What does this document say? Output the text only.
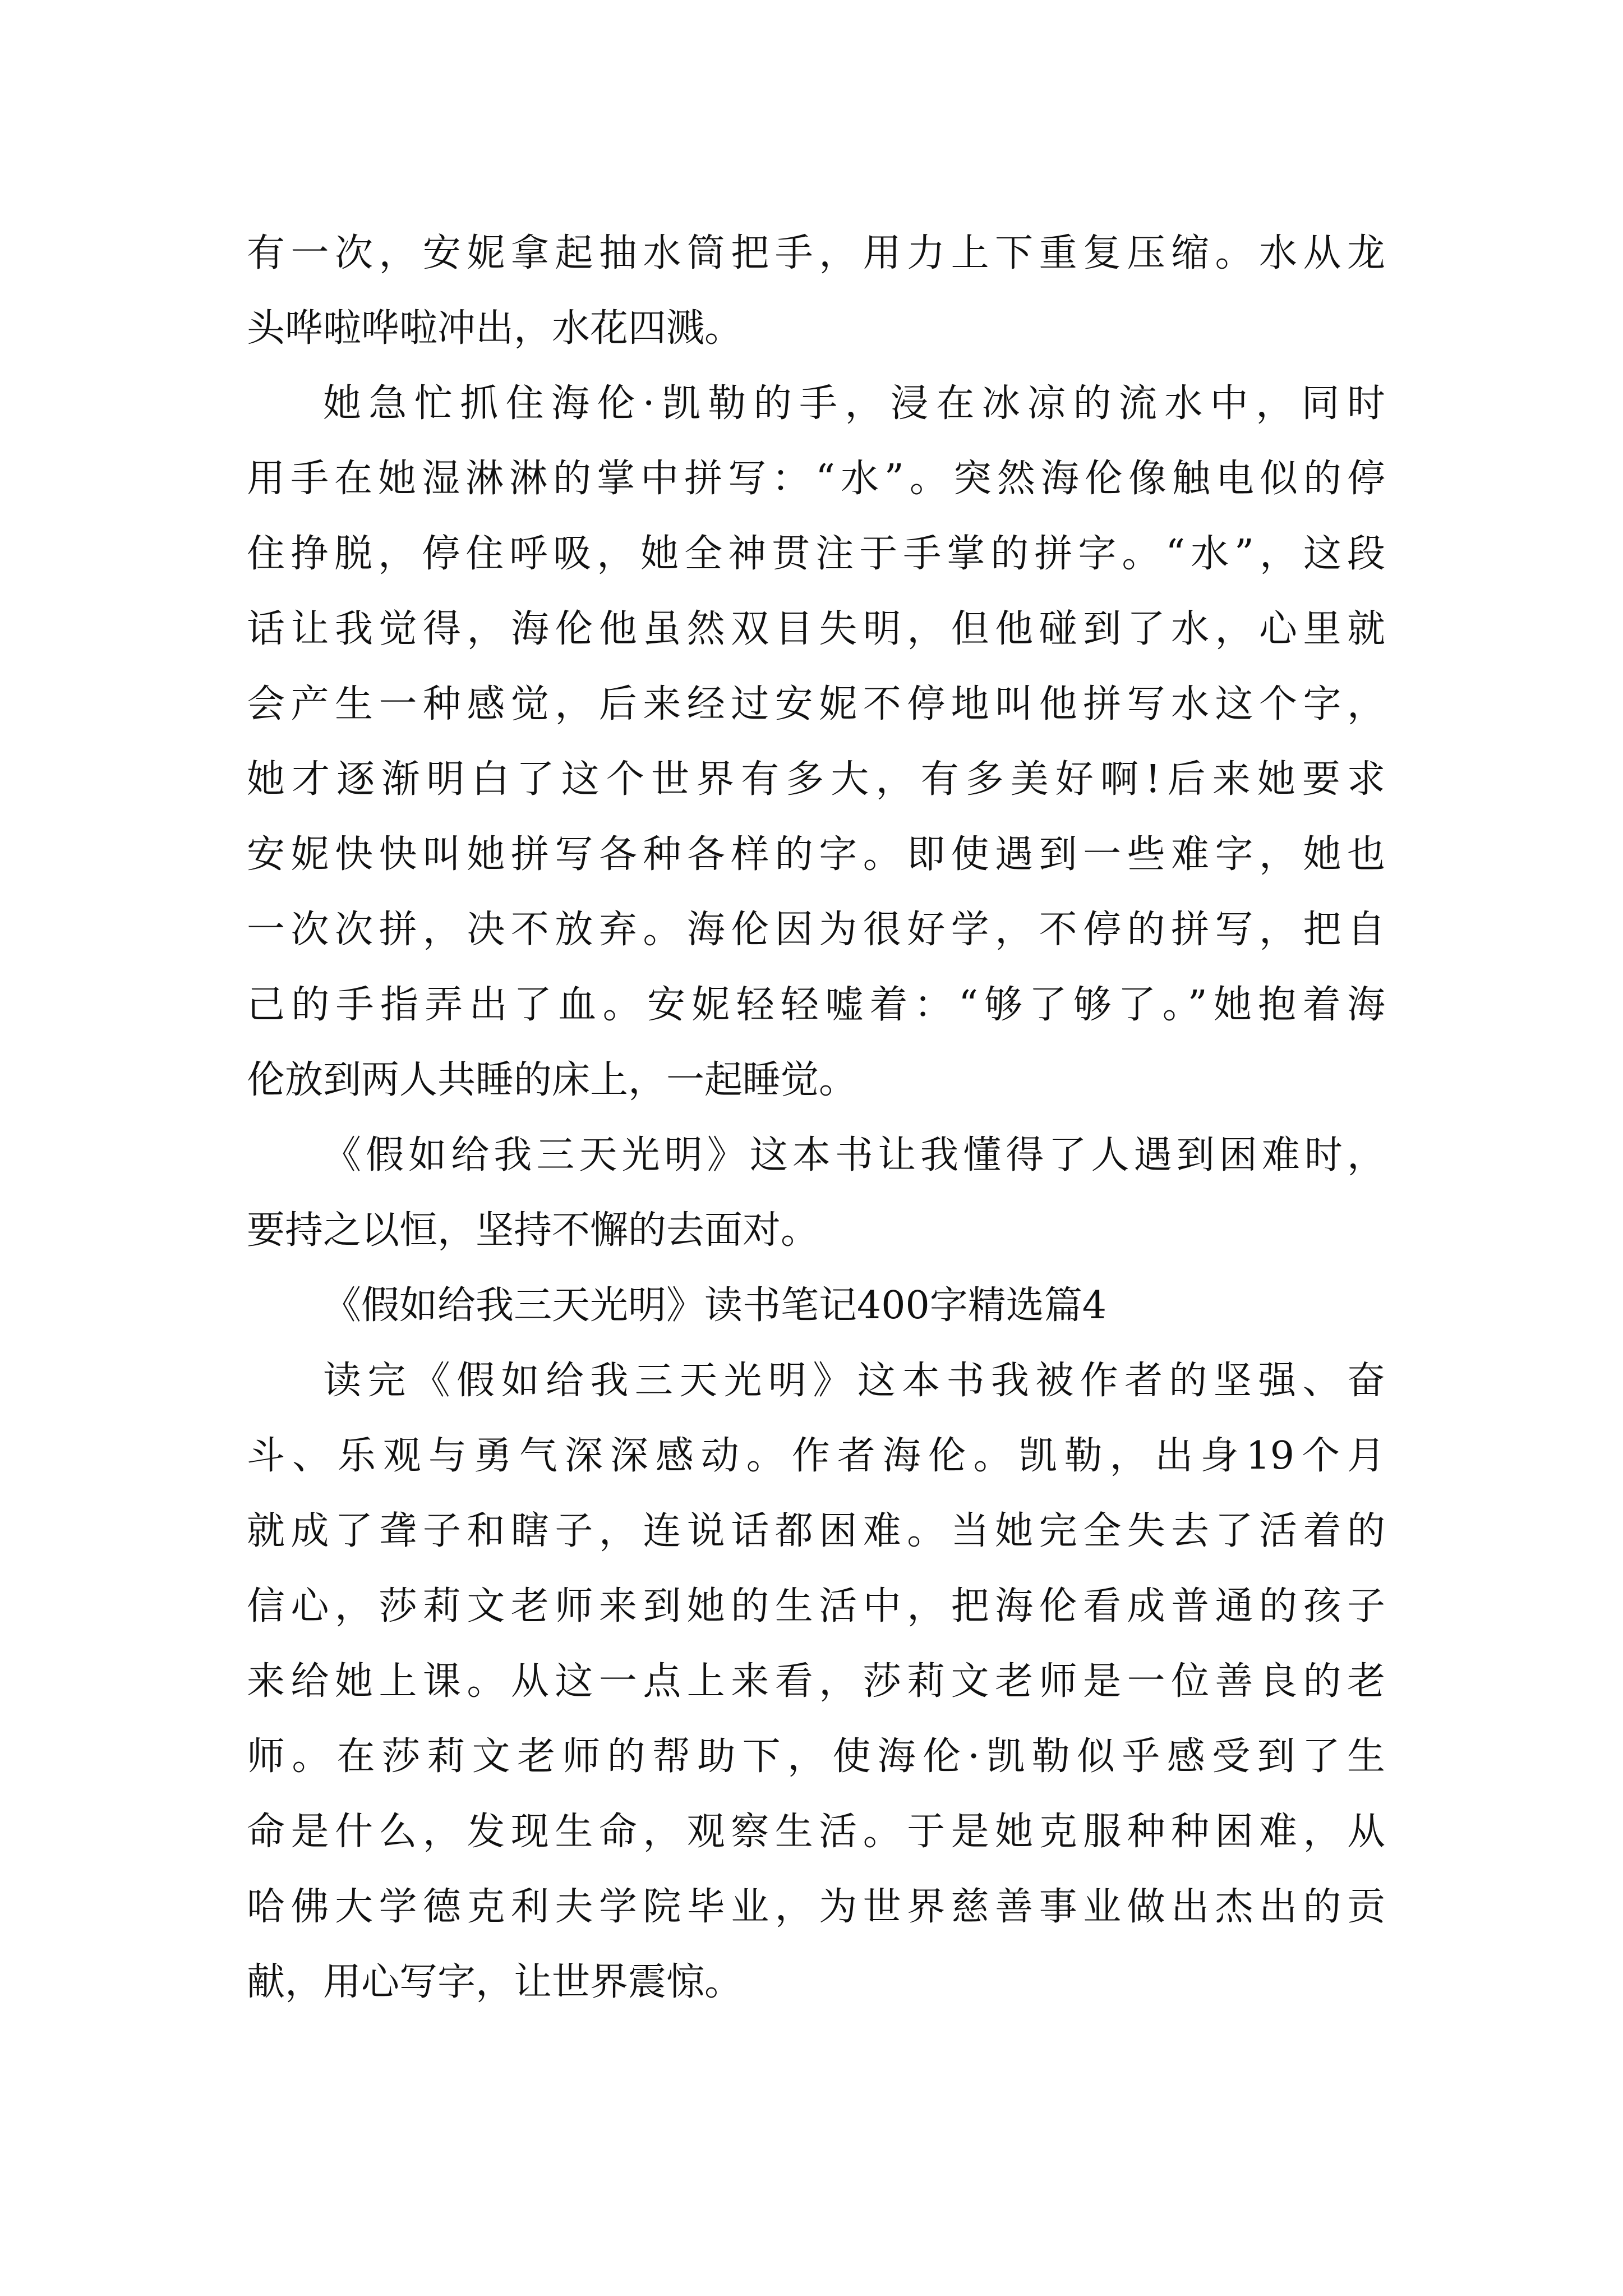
有一次，安妮拿起抽水筒把手，用力上下重复压缩。水从龙
头哗啦哗啦冲出，水花四溅。

她急忙抓住海伦·凯勒的手，浸在冰凉的流水中，同时
用手在她湿淋淋的掌中拼写：“水”。突然海伦像触电似的停
住挣脱，停住呼吸，她全神贯注于手掌的拼字。“水”，这段
话让我觉得，海伦他虽然双目失明，但他碰到了水，心里就
会产生一种感觉，后来经过安妮不停地叫他拼写水这个字，
她才逐渐明白了这个世界有多大，有多美好啊!后来她要求
安妮快快叫她拼写各种各样的字。即使遇到一些难字，她也
一次次拼，决不放弃。海伦因为很好学，不停的拼写，把自
己的手指弄出了血。安妮轻轻嘘着：“够了够了。”她抱着海
伦放到两人共睡的床上，一起睡觉。

《假如给我三天光明》这本书让我懂得了人遇到困难时，
要持之以恒，坚持不懈的去面对。

《假如给我三天光明》读书笔记400字精选篇4

读完《假如给我三天光明》这本书我被作者的坚强、奋
斗、乐观与勇气深深感动。作者海伦。凯勒，出身19个月
就成了聋子和瞎子，连说话都困难。当她完全失去了活着的
信心，莎莉文老师来到她的生活中，把海伦看成普通的孩子
来给她上课。从这一点上来看，莎莉文老师是一位善良的老
师。在莎莉文老师的帮助下，使海伦·凯勒似乎感受到了生
命是什么，发现生命，观察生活。于是她克服种种困难，从
哈佛大学德克利夫学院毕业，为世界慈善事业做出杰出的贡
献，用心写字，让世界震惊。
